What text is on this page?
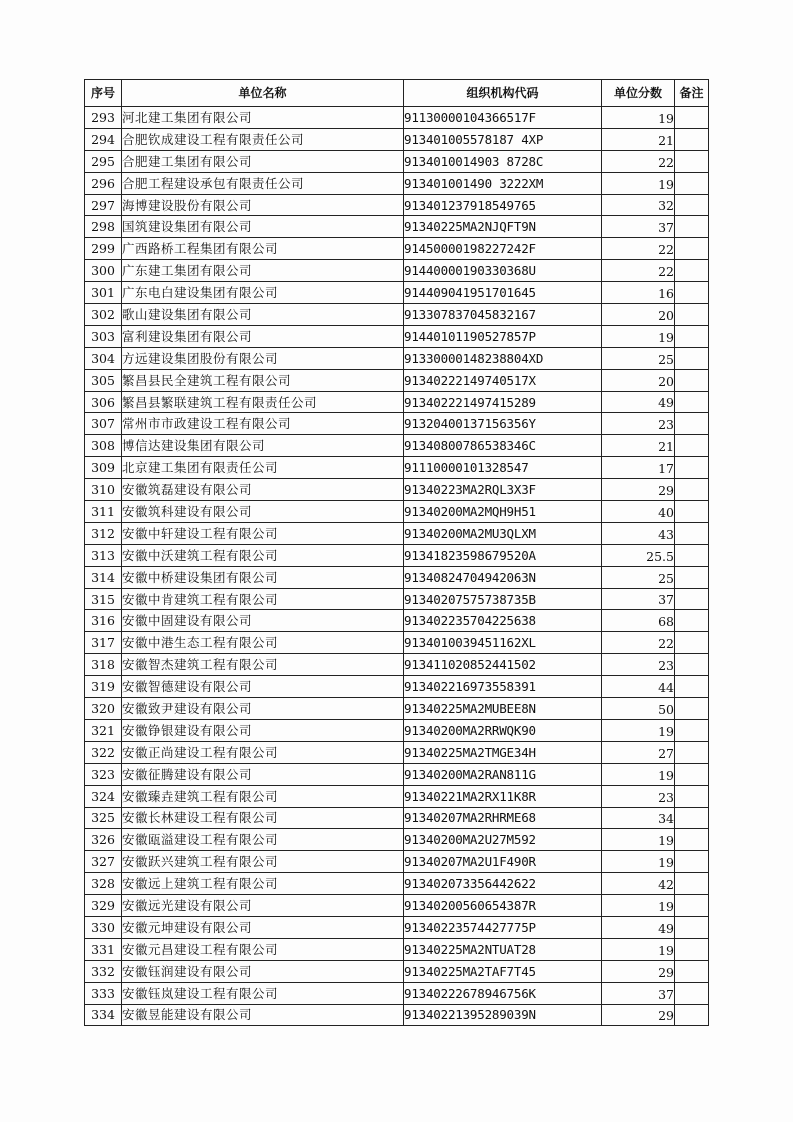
序号	单位名称	组织机构代码	单位分数	备注
293	河北建工集团有限公司	91130000104366517F	19	
294	合肥钦成建设工程有限责任公司	913401005578187 4XP	21	
295	合肥建工集团有限公司	9134010014903 8728C	22	
296	合肥工程建设承包有限责任公司	913401001490 3222XM	19	
297	海博建设股份有限公司	913401237918549765	32	
298	国筑建设集团有限公司	91340225MA2NJQFT9N	37	
299	广西路桥工程集团有限公司	91450000198227242F	22	
300	广东建工集团有限公司	91440000190330368U	22	
301	广东电白建设集团有限公司	914409041951701645	16	
302	歌山建设集团有限公司	913307837045832167	20	
303	富利建设集团有限公司	91440101190527857P	19	
304	方远建设集团股份有限公司	91330000148238804XD	25	
305	繁昌县民全建筑工程有限公司	91340222149740517X	20	
306	繁昌县繁联建筑工程有限责任公司	913402221497415289	49	
307	常州市市政建设工程有限公司	91320400137156356Y	23	
308	博信达建设集团有限公司	91340800786538346C	21	
309	北京建工集团有限责任公司	91110000101328547	17	
310	安徽筑磊建设有限公司	91340223MA2RQL3X3F	29	
311	安徽筑科建设有限公司	91340200MA2MQH9H51	40	
312	安徽中轩建设工程有限公司	91340200MA2MU3QLXM	43	
313	安徽中沃建筑工程有限公司	91341823598679520A	25.5	
314	安徽中桥建设集团有限公司	91340824704942063N	25	
315	安徽中肯建筑工程有限公司	91340207575738735B	37	
316	安徽中固建设有限公司	913402235704225638	68	
317	安徽中港生态工程有限公司	9134010039451162XL	22	
318	安徽智杰建筑工程有限公司	913411020852441502	23	
319	安徽智德建设有限公司	913402216973558391	44	
320	安徽致尹建设有限公司	91340225MA2MUBEE8N	50	
321	安徽铮银建设有限公司	91340200MA2RRWQK90	19	
322	安徽正尚建设工程有限公司	91340225MA2TMGE34H	27	
323	安徽征腾建设有限公司	91340200MA2RAN811G	19	
324	安徽臻垚建筑工程有限公司	91340221MA2RX11K8R	23	
325	安徽长林建设工程有限公司	91340207MA2RHRME68	34	
326	安徽瓯溢建设工程有限公司	91340200MA2U27M592	19	
327	安徽跃兴建筑工程有限公司	91340207MA2U1F490R	19	
328	安徽远上建筑工程有限公司	913402073356442622	42	
329	安徽远光建设有限公司	91340200560654387R	19	
330	安徽元坤建设有限公司	91340223574427775P	49	
331	安徽元昌建设工程有限公司	91340225MA2NTUAT28	19	
332	安徽钰润建设有限公司	91340225MA2TAF7T45	29	
333	安徽钰岚建设工程有限公司	91340222678946756K	37	
334	安徽昱能建设有限公司	91340221395289039N	29	
